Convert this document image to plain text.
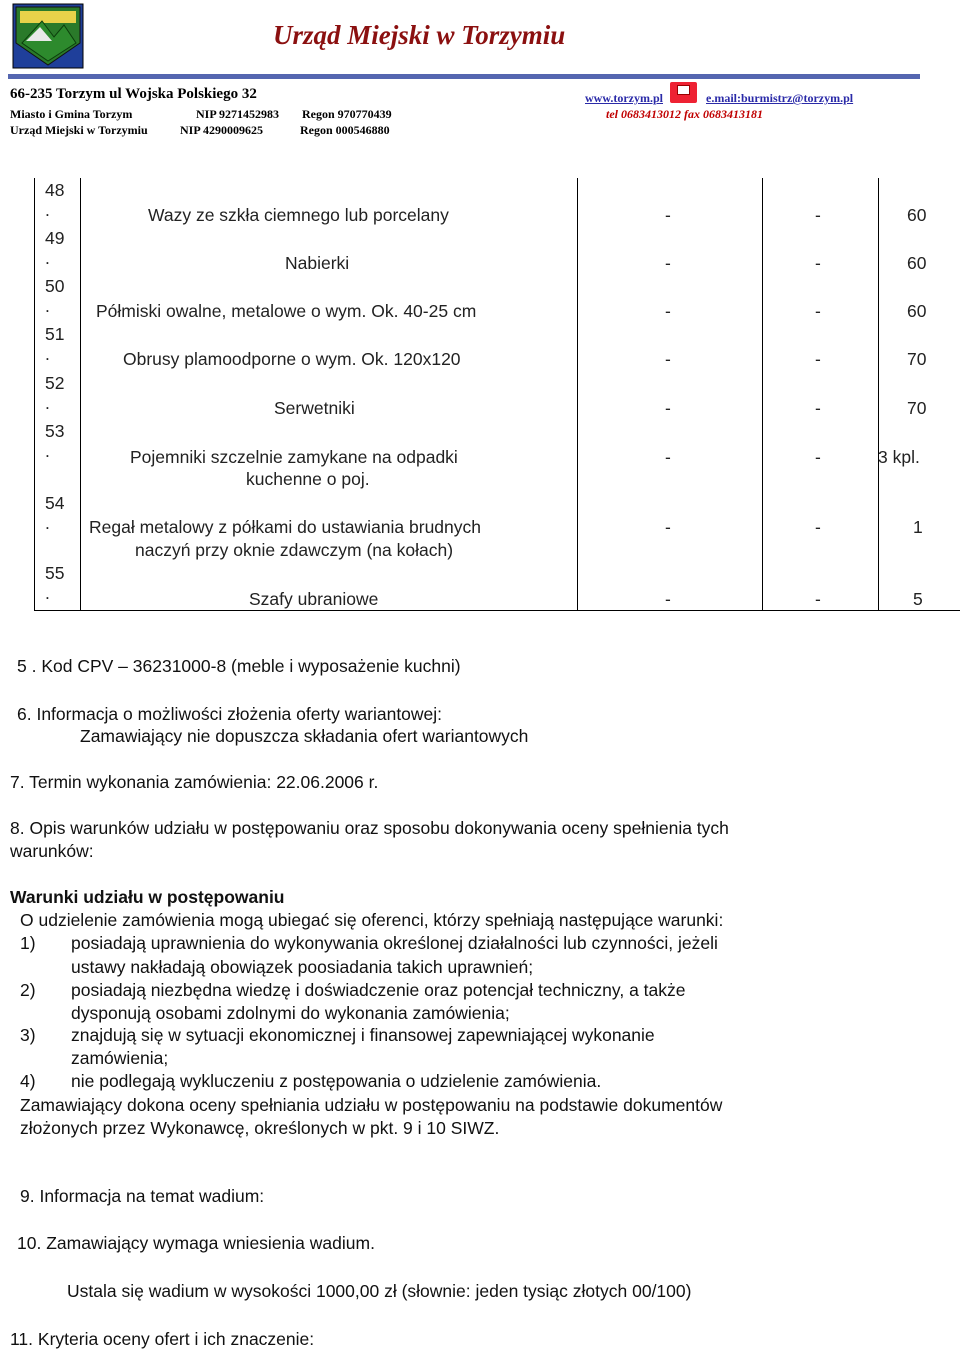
Urząd Miejski w Torzymiu
66-235 Torzym ul Wojska Polskiego 32	www.torzym.pl	e.mail:burmistrz@torzym.pl
Miasto i Gmina Torzym	NIP 9271452983 Regon 970770439	tel 0683413012 fax 0683413181
Urząd Miejski w Torzymiu	NIP 4290009625	Regon 000546880
48
.	Wazy ze szkła ciemnego lub porcelany	-	-	60
49
.	Nabierki	-	-	60
50
.	Półmiski owalne, metalowe o wym. Ok. 40-25 cm	-	-	60
51
.	Obrusy plamoodporne o wym. Ok. 120x120	-	-	70
52
.	Serwetniki	-	-	70
53
.	Pojemniki szczelnie zamykane na odpadki
kuchenne o poj.
-	-	3 kpl.
54
. Regał metalowy z półkami do ustawiania brudnych
naczyń przy oknie zdawczym (na kołach)
-	-	1
55
.	Szafy ubraniowe	-	-	5
5 . Kod CPV – 36231000-8 (meble i wyposażenie kuchni)
6. Informacja o możliwości złożenia oferty wariantowej:
Zamawiający nie dopuszcza składania ofert wariantowych
7. Termin wykonania zamówienia: 22.06.2006 r.
8. Opis warunków udziału w postępowaniu oraz sposobu dokonywania oceny spełnienia tych
warunków:
Warunki udziału w postępowaniu
O udzielenie zamówienia mogą ubiegać się oferenci, którzy spełniają następujące warunki:
1) posiadają uprawnienia do wykonywania określonej działalności lub czynności, jeżeli
ustawy nakładają obowiązek poosiadania takich uprawnień;
2) posiadają niezbędna wiedzę i doświadczenie oraz potencjał techniczny, a także
dysponują osobami zdolnymi do wykonania zamówienia;
3) znajdują się w sytuacji ekonomicznej i finansowej zapewniającej wykonanie
zamówienia;
4) nie podlegają wykluczeniu z postępowania o udzielenie zamówienia.
Zamawiający dokona oceny spełniania udziału w postępowaniu na podstawie dokumentów
złożonych przez Wykonawcę, określonych w pkt. 9 i 10 SIWZ.
9. Informacja na temat wadium:
10. Zamawiający wymaga wniesienia wadium.
Ustala się wadium w wysokości 1000,00 zł (słownie: jeden tysiąc złotych 00/100)
11. Kryteria oceny ofert i ich znaczenie:
